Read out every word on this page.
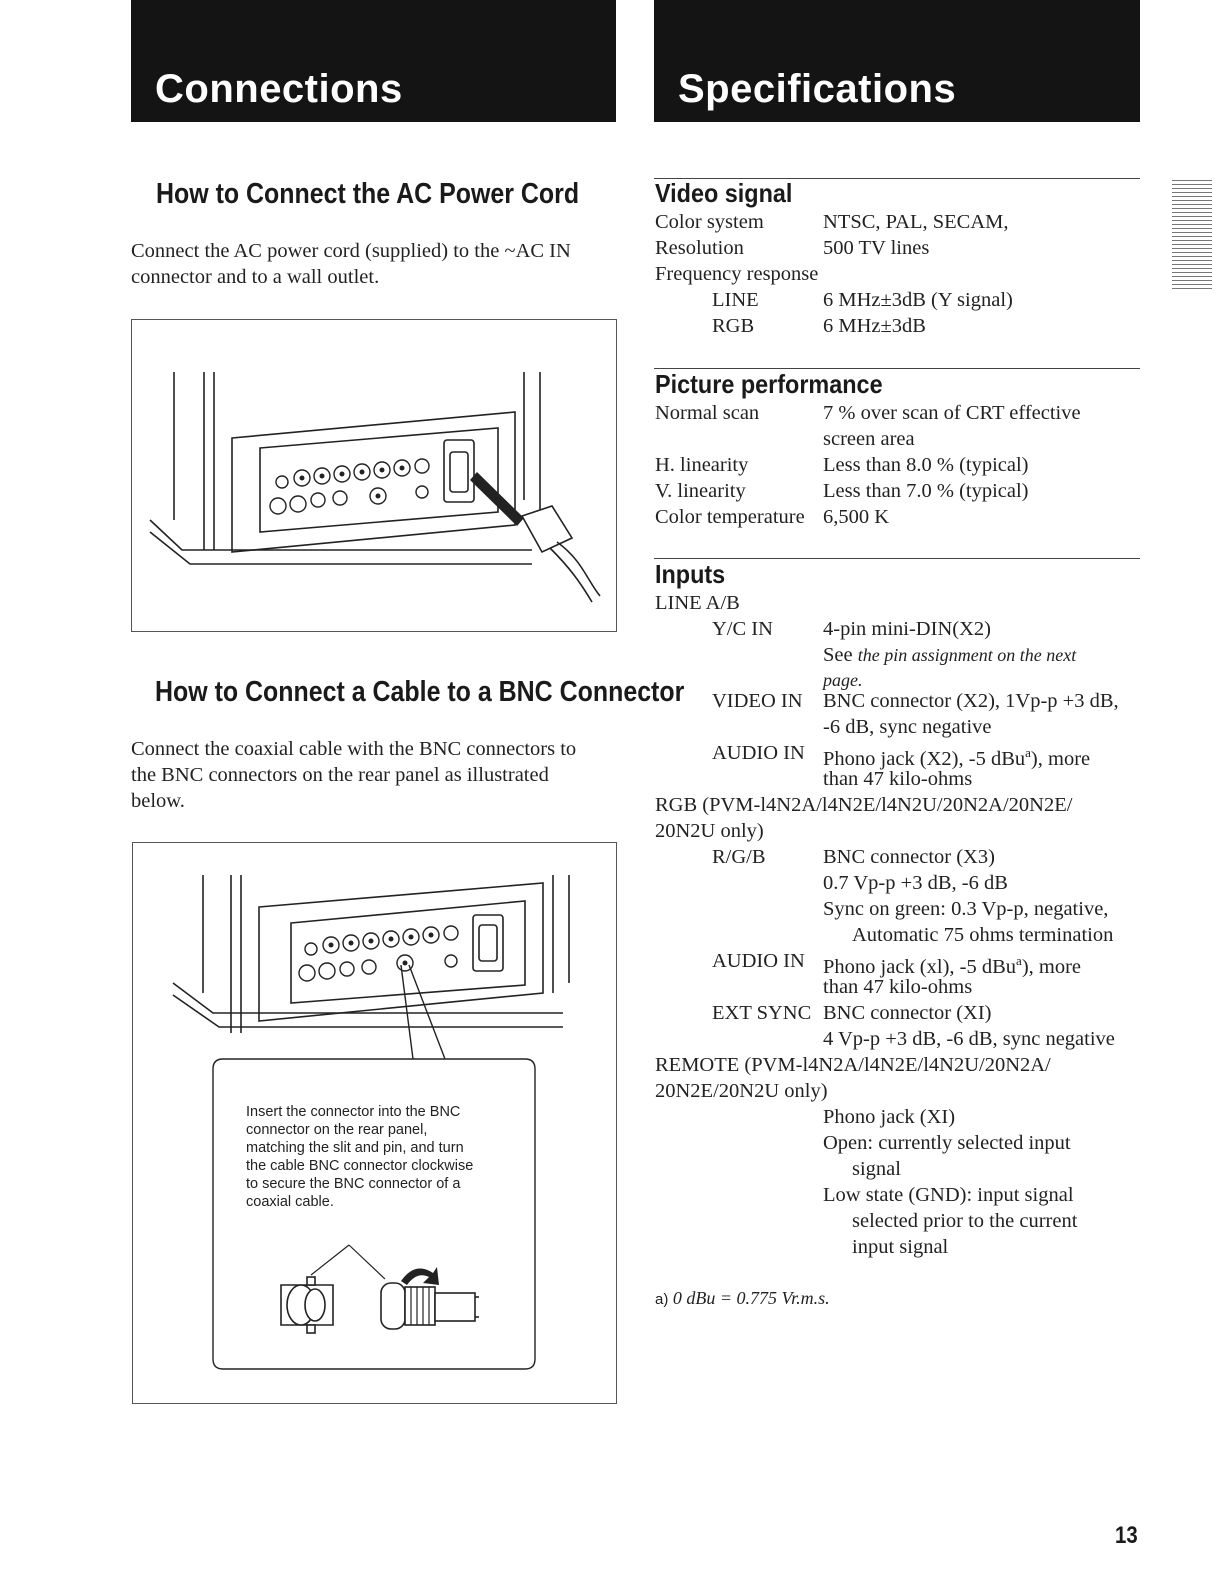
Connections	Specifications
How to Connect the AC Power Cord
Connect the AC power cord (supplied) to the ~AC IN
connector and to a wall outlet.
How to Connect a Cable to a BNC Connector
Connect the coaxial cable with the BNC connectors to
the BNC connectors on the rear panel as illustrated
below.
Insert the connector into the BNC
connector on the rear panel,
matching the slit and pin, and turn
the cable BNC connector clockwise
to secure the BNC connector of a
coaxial cable.
Video signal
Color system	NTSC, PAL, SECAM,
Resolution	500 TV lines
Frequency response
LINE	6 MHz±3dB (Y signal)
RGB	6 MHz±3dB
Picture performance
Normal scan	7 % over scan of CRT effective
screen area
H. linearity	Less than 8.0 % (typical)
V. linearity	Less than 7.0 % (typical)
Color temperature 6,500 K
Inputs
LINE A/B
Y/C IN 4-pin mini-DIN(X2)
See the pin assignment on the next
page.
VIDEO IN BNC connector (X2), 1Vp-p +3 dB,
-6 dB, sync negative
AUDIO IN Phono jack (X2), -5 dBu$^a$), more
than 47 kilo-ohms
RGB (PVM-l4N2A/l4N2E/l4N2U/20N2A/20N2E/
20N2U only)
R/G/B	BNC connector (X3)
0.7 Vp-p +3 dB, -6 dB
Sync on green: 0.3 Vp-p, negative,
Automatic 75 ohms termination
AUDIO IN Phono jack (xl), -5 dBu$^a$), more
than 47 kilo-ohms
EXT SYNC BNC connector (XI)
4 Vp-p +3 dB, -6 dB, sync negative
REMOTE (PVM-l4N2A/l4N2E/l4N2U/20N2A/
20N2E/20N2U only)
Phono jack (XI)
Open: currently selected input
signal
Low state (GND): input signal
selected prior to the current
input signal
a) 0 dBu = 0.775 Vr.m.s.
13
